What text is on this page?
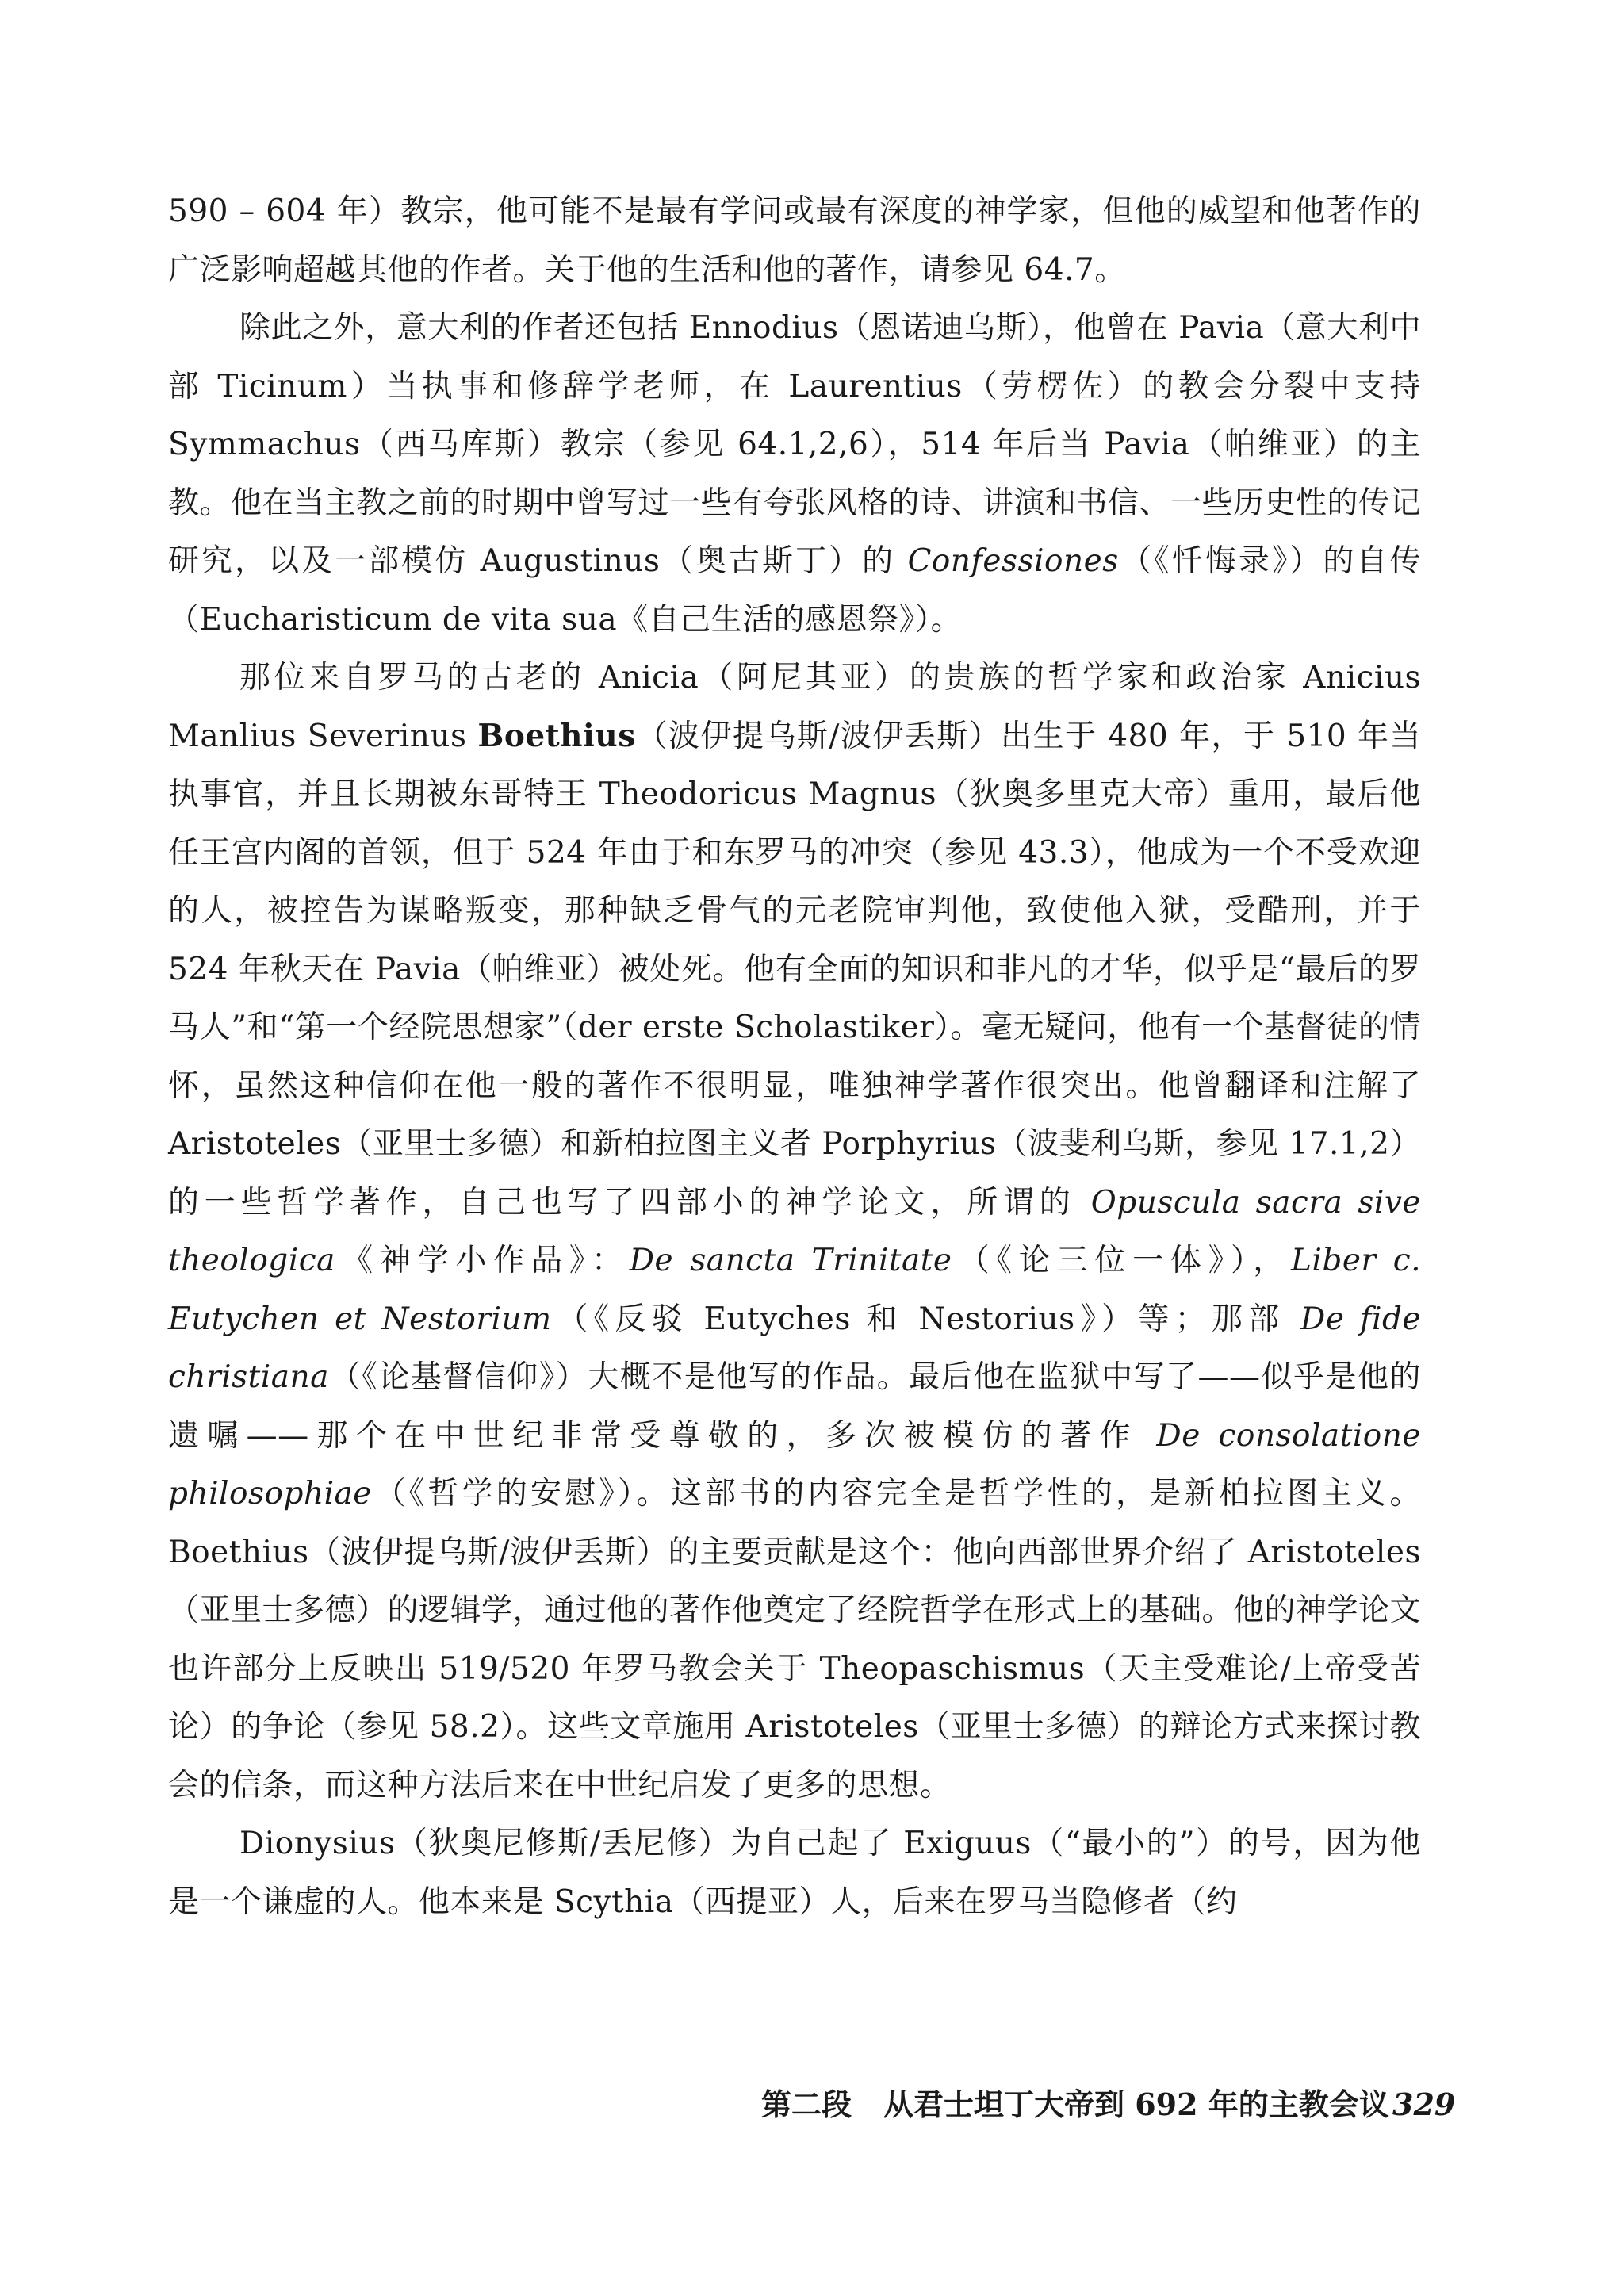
590 – 604 年）教宗，他可能不是最有学问或最有深度的神学家，但他的威望和他著作的广泛影响超越其他的作者。关于他的生活和他的著作，请参见 64.7。

除此之外，意大利的作者还包括 Ennodius（恩诺迪乌斯），他曾在 Pavia（意大利中部 Ticinum）当执事和修辞学老师，在 Laurentius（劳楞佐）的教会分裂中支持 Symmachus（西马库斯）教宗（参见 64.1,2,6），514 年后当 Pavia（帕维亚）的主教。他在当主教之前的时期中曾写过一些有夸张风格的诗、讲演和书信、一些历史性的传记研究，以及一部模仿 Augustinus（奥古斯丁）的 Confessiones（《忏悔录》）的自传（Eucharisticum de vita sua《自己生活的感恩祭》）。

那位来自罗马的古老的 Anicia（阿尼其亚）的贵族的哲学家和政治家 Anicius Manlius Severinus Boethius（波伊提乌斯/波伊丢斯）出生于 480 年，于 510 年当执事官，并且长期被东哥特王 Theodoricus Magnus（狄奥多里克大帝）重用，最后他任王宫内阁的首领，但于 524 年由于和东罗马的冲突（参见 43.3），他成为一个不受欢迎的人，被控告为谋略叛变，那种缺乏骨气的元老院审判他，致使他入狱，受酷刑，并于 524 年秋天在 Pavia（帕维亚）被处死。他有全面的知识和非凡的才华，似乎是“最后的罗马人”和“第一个经院思想家”（der erste Scholastiker）。毫无疑问，他有一个基督徒的情怀，虽然这种信仰在他一般的著作不很明显，唯独神学著作很突出。他曾翻译和注解了 Aristoteles（亚里士多德）和新柏拉图主义者 Porphyrius（波斐利乌斯，参见 17.1,2）的一些哲学著作，自己也写了四部小的神学论文，所谓的 Opuscula sacra sive theologica《神学小作品》：De sancta Trinitate（《论三位一体》），Liber c. Eutychen et Nestorium（《反驳 Eutyches 和 Nestorius》）等；那部 De fide christiana（《论基督信仰》）大概不是他写的作品。最后他在监狱中写了——似乎是他的遗嘱——那个在中世纪非常受尊敬的，多次被模仿的著作 De consolatione philosophiae（《哲学的安慰》）。这部书的内容完全是哲学性的，是新柏拉图主义。Boethius（波伊提乌斯/波伊丢斯）的主要贡献是这个：他向西部世界介绍了 Aristoteles（亚里士多德）的逻辑学，通过他的著作他奠定了经院哲学在形式上的基础。他的神学论文也许部分上反映出 519/520 年罗马教会关于 Theopaschismus（天主受难论/上帝受苦论）的争论（参见 58.2）。这些文章施用 Aristoteles（亚里士多德）的辩论方式来探讨教会的信条，而这种方法后来在中世纪启发了更多的思想。

Dionysius（狄奥尼修斯/丢尼修）为自己起了 Exiguus（“最小的”）的号，因为他是一个谦虚的人。他本来是 Scythia（西提亚）人，后来在罗马当隐修者（约

第二段 从君士坦丁大帝到 692 年的主教会议 329
